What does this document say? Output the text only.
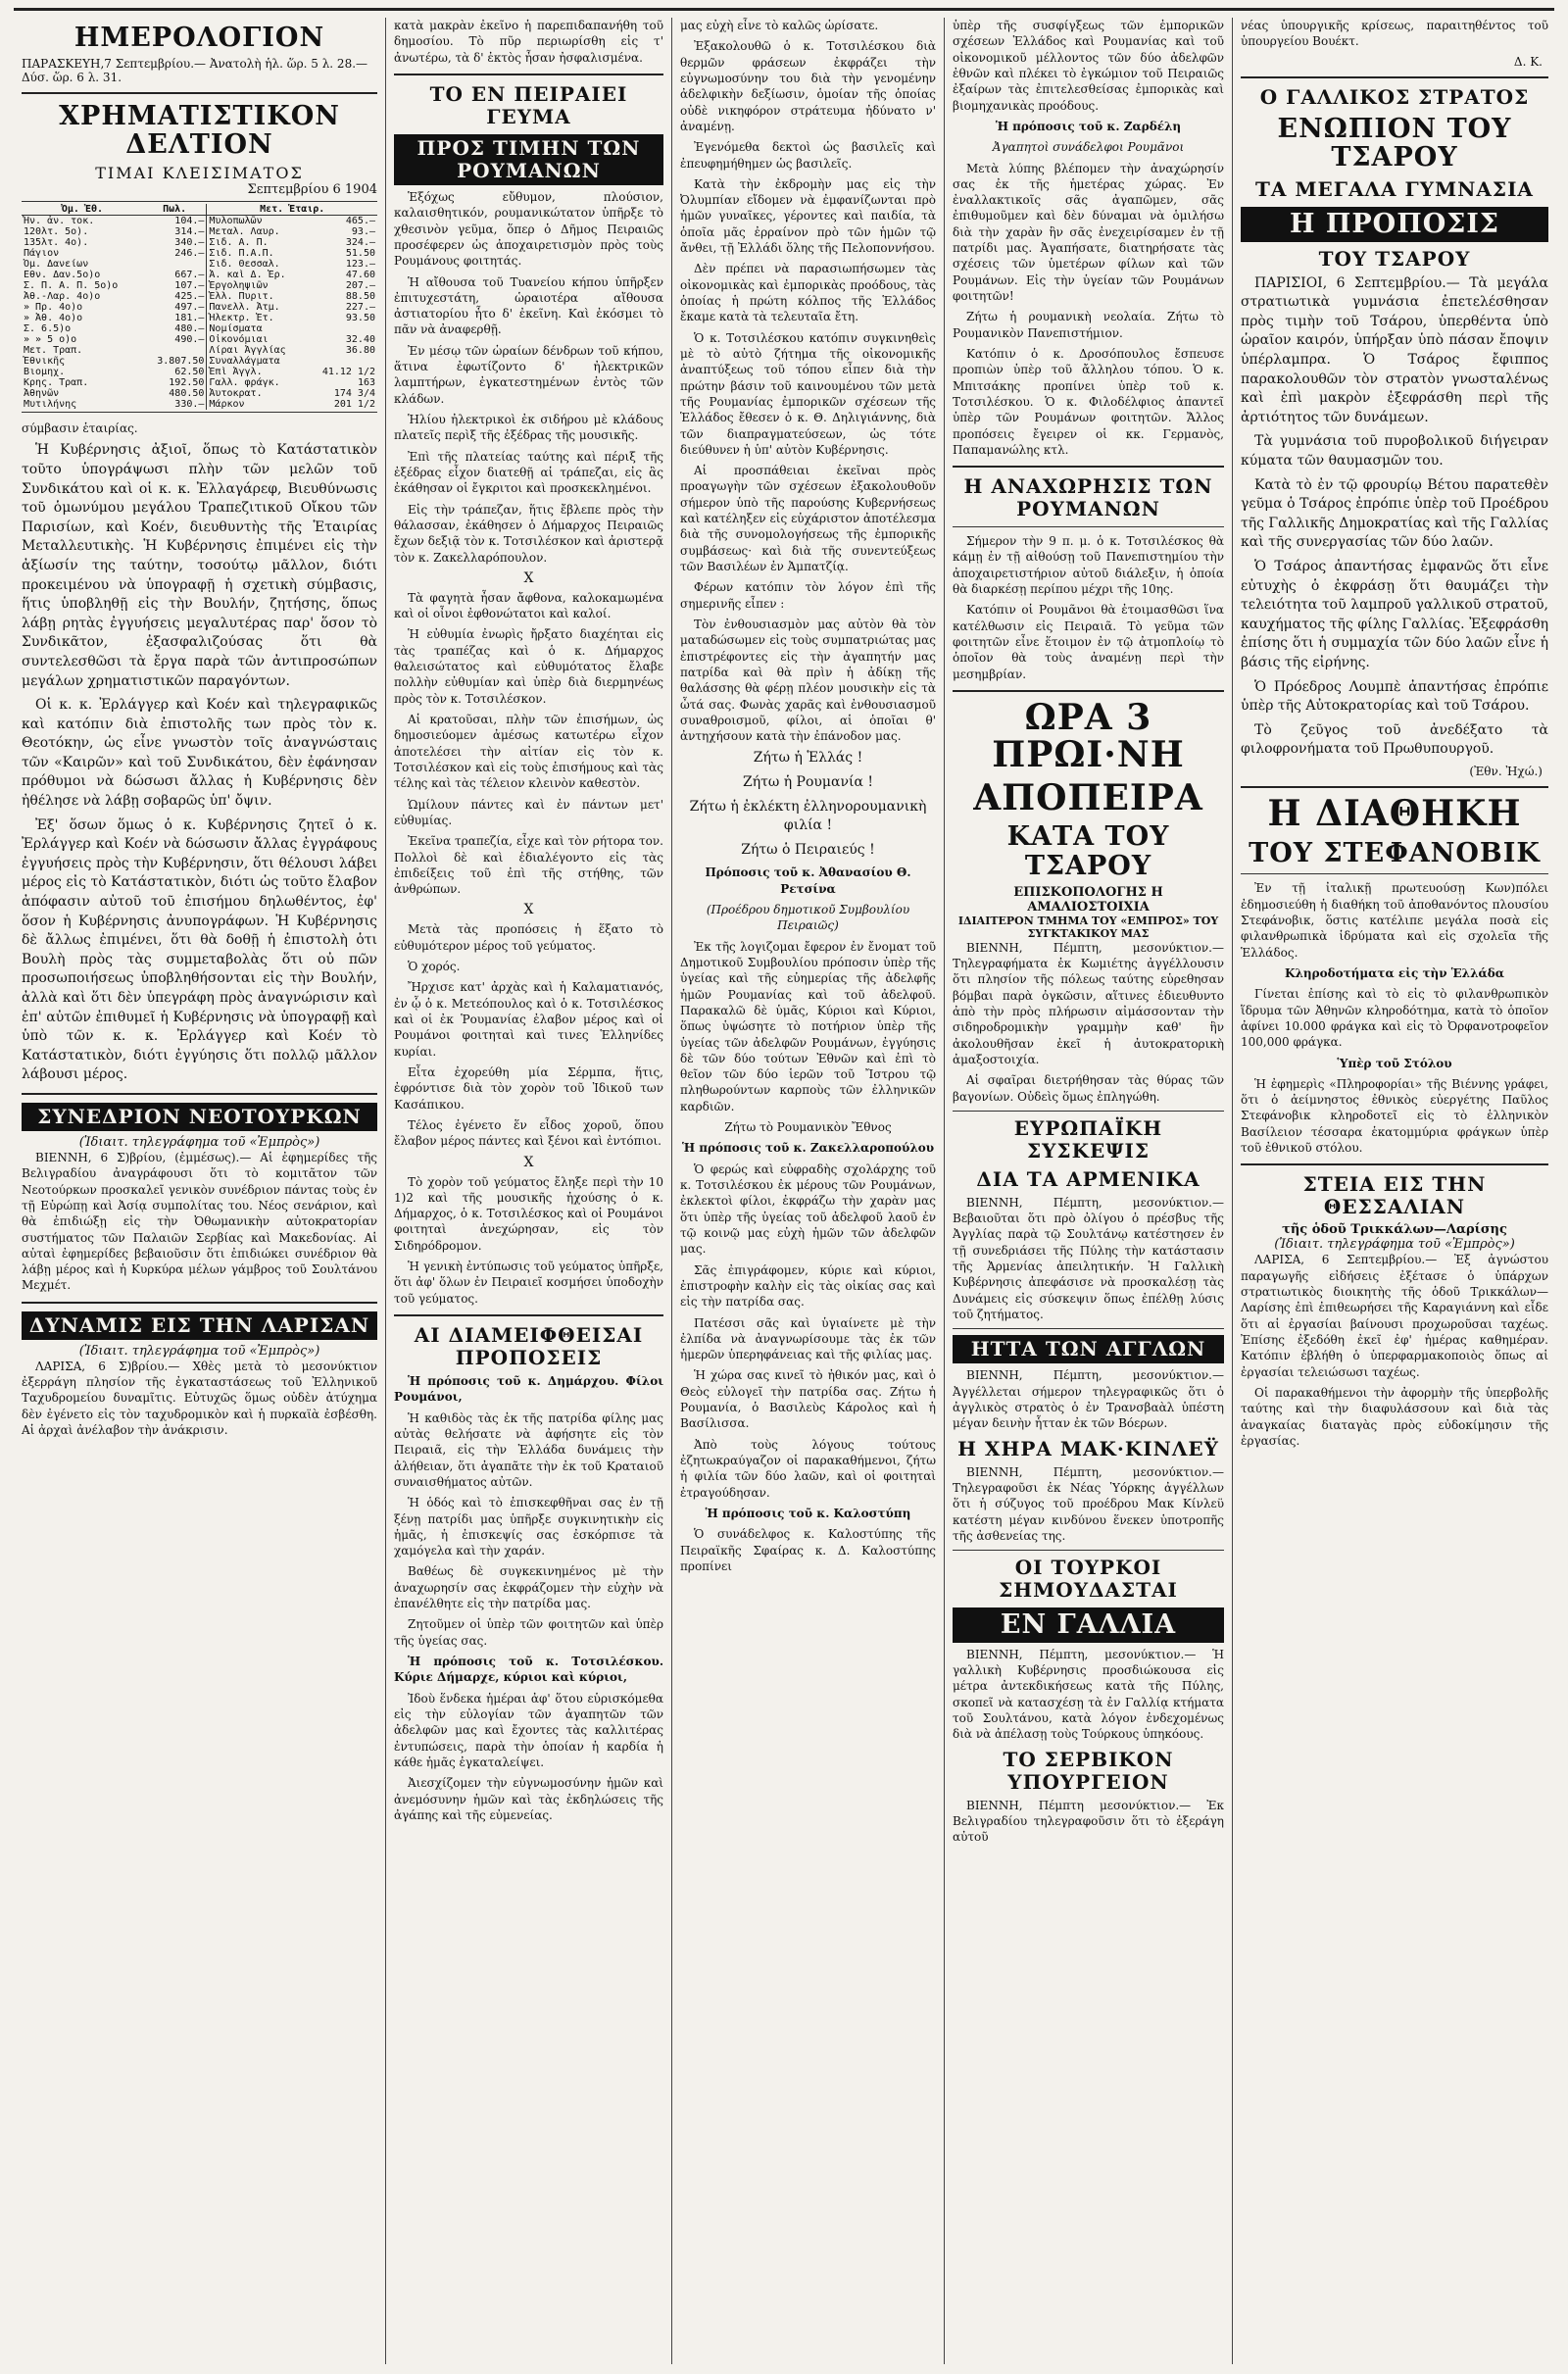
ΗΜΕΡΟΛΟΓΙΟΝ
ΠΑΡΑΣΚΕΥΗ,7 Σεπτεμβρίου.— Ἀνατολὴ ἡλ. ὥρ. 5 λ. 28.—Δύσ. ὥρ. 6 λ. 31.
ΧΡΗΜΑΤΙΣΤΙΚΟΝ ΔΕΛΤΙΟΝ
ΤΙΜΑΙ ΚΛΕΙΣΙΜΑΤΟΣ
Σεπτεμβρίου 6 1904
Ὀμ. Ἐθ.	Πωλ.	Μετ. Ἑταιρ.	
Ἡν. ἀν. τοκ.	104.—	Μυλοπωλῶν	465.—
120λτ. 5ο).	314.—	Μεταλ. Λαυρ.	93.—
135λτ. 4ο).	340.—	Σιδ. Α. Π.	324.—
Πάγιον	246.—	Σιδ. Π.Α.Π.	51.50
Ὀμ. Δανείων		Σιδ. Θεσσαλ.	123.—
Εθν. Δαν.5ο)ο	667.—	Ἀ. καὶ Δ. Ἐρ.	47.60
Σ. Π. Α. Π. 5ο)ο	107.—	Ἐργοληψιῶν	207.—
Ἀθ.-Λαρ. 4ο)ο	425.—	Ἐλλ. Πυριτ.	88.50
» Πρ. 4ο)ο	497.—	Πανελλ. Ἀτμ.	227.—
» Ἀθ. 4ο)ο	181.—	Ἠλεκτρ. Ἑτ.	93.50
Σ. 6.5)ο	480.—	Νομίσματα	
» » 5 ο)ο	490.—	Οἰκονόμιαι	32.40
Μετ. Τραπ.		Λίραι Ἀγγλίας	36.80
Ἐθνικῆς	3.807.50	Συναλλάγματα	
Βιομηχ.	62.50	Ἐπὶ Ἀγγλ.	41.12 1/2
Κρης. Τραπ.	192.50	Γαλλ. φράγκ.	163
Ἀθηνῶν	480.50	Ἀυτοκρατ.	174 3/4
Μυτιλήνης	330.—	Μάρκον	201 1/2

σύμβασιν ἑταιρίας.

Ἡ Κυβέρνησις ἀξιοῖ, ὅπως τὸ Κατάστατικὸν τοῦτο ὑπογράψωσι πλὴν τῶν μελῶν τοῦ Συνδικάτου καὶ οἱ κ. κ. Ἐλλαγάρεφ, Βιευθύνωσις τοῦ ὁμωνύμου μεγάλου Τραπεζιτικοῦ Οἴκου τῶν Παρισίων, καὶ Κοέν, διευθυντὴς τῆς Ἑταιρίας Μεταλλευτικὴς. Ἡ Κυβέρνησις ἐπιμένει εἰς τὴν ἀξίωσίν της ταύτην, τοσούτῳ μᾶλλον, διότι προκειμένου νὰ ὑπογραφῇ ἡ σχετικὴ σύμβασις, ἥτις ὑποβληθῇ εἰς τὴν Βουλήν, ζητήσης, ὅπως λάβῃ ρητὰς ἐγγυήσεις μεγαλυτέρας παρ' ὅσον τὸ Συνδικᾶτον, ἐξασφαλιζούσας ὅτι θὰ συντελεσθῶσι τὰ ἔργα παρὰ τῶν ἀντιπροσώπων μεγάλων χρηματιστικῶν παραγόντων.

Οἱ κ. κ. Ἐρλάγγερ καὶ Κοέν καὶ τηλεγραφικῶς καὶ κατόπιν διὰ ἐπιστολῆς των πρὸς τὸν κ. Θεοτόκην, ὡς εἶνε γνωστὸν τοῖς ἀναγνώσταις τῶν «Καιρῶν» καὶ τοῦ Συνδικάτου, δὲν ἐφάνησαν πρόθυμοι νὰ δώσωσι ἄλλας ἡ Κυβέρνησις δὲν ἠθέλησε νὰ λάβῃ σοβαρῶς ὑπ' ὄψιν.

Ἐξ' ὅσων ὅμως ὁ κ. Κυβέρνησις ζητεῖ ὁ κ. Ἐρλάγγερ καὶ Κοέν νὰ δώσωσιν ἄλλας ἐγγράφους ἐγγυήσεις πρὸς τὴν Κυβέρνησιν, ὅτι θέλουσι λάβει μέρος εἰς τὸ Κατάστατικὸν, διότι ὡς τοῦτο ἔλαβον ἀπόφασιν αὐτοῦ τοῦ ἐπισήμου δηλωθέντος, ἐφ' ὅσον ἡ Κυβέρνησις ἀνυπογράφων. Ἡ Κυβέρνησις δὲ ἄλλως ἐπιμένει, ὅτι θὰ δοθῇ ἡ ἐπιστολὴ ὁτι Βουλὴ πρὸς τὰς συμμεταβολὰς ὅτι οὐ πῶν προσωποιήσεως ὑποβληθήσονται εἰς τὴν Βουλήν, ἀλλὰ καὶ ὅτι δὲν ὑπεγράφη πρὸς ἀναγνώρισιν καὶ ἐπ' αὐτῶν ἐπιθυμεῖ ἡ Κυβέρνησις νὰ ὑπογραφῇ καὶ ὑπὸ τῶν κ. κ. Ἐρλάγγερ καὶ Κοέν τὸ Κατάστατικὸν, διότι ἐγγύησις ὅτι πολλῷ μᾶλλον λάβουσι μέρος.

ΣΥΝΕΔΡΙΟΝ ΝΕΟΤΟΥΡΚΩΝ
(Ἰδιαιτ. τηλεγράφημα τοῦ «Ἐμπρὸς»)

ΒΙΕΝΝΗ, 6 Σ)βρίου, (ἐμμέσως).— Αἱ ἐφημερίδες τῆς Βελιγραδίου ἀναγράφουσι ὅτι τὸ κομιτᾶτον τῶν Νεοτούρκων προσκαλεῖ γενικὸν συνέδριον πάντας τοὺς ἐν τῇ Εὐρώπῃ καὶ Ἀσίᾳ συμπολίτας του. Νέος σενάριον, καὶ θὰ ἐπιδιώξῃ εἰς τὴν Ὀθωμανικὴν αὐτοκρατορίαν συστήματος τῶν Παλαιῶν Σερβίας καὶ Μακεδονίας. Αἱ αὐταὶ ἐφημερίδες βεβαιοῦσιν ὅτι ἐπιδιώκει συνέδριον θὰ λάβῃ μέρος καὶ ἡ Κυρκύρα μέλων γάμβρος τοῦ Σουλτάνου Μεχμέτ.

ΔΥΝΑΜΙΣ ΕΙΣ ΤΗΝ ΛΑΡΙΣΑΝ
(Ἰδιαιτ. τηλεγράφημα τοῦ «Ἐμπρὸς»)

ΛΑΡΙΣΑ, 6 Σ)βρίου.— Χθὲς μετὰ τὸ μεσονύκτιον ἐξερράγη πλησίον τῆς ἐγκαταστάσεως τοῦ Ἐλληνικοῦ Ταχυδρομείου δυναμῖτις. Εὐτυχῶς ὅμως οὐδὲν ἀτύχημα δὲν ἐγένετο εἰς τὸν ταχυδρομικὸν καὶ ἡ πυρκαϊὰ ἐσβέσθη. Αἱ ἀρχαὶ ἀνέλαβον τὴν ἀνάκρισιν.

κατὰ μακρὰν ἐκεῖνο ἡ παρεπιδαπανήθη τοῦ δημοσίου. Τὸ πῦρ περιωρίσθη εἰς τ' ἀνωτέρω, τὰ δ' ἐκτὸς ἦσαν ἠσφαλισμένα.

ΤΟ ΕΝ ΠΕΙΡΑΙΕΙ ΓΕΥΜΑ
ΠΡΟΣ ΤΙΜΗΝ ΤΩΝ ΡΟΥΜΑΝΩΝ

Ἑξόχως εὔθυμον, πλούσιον, καλαισθητικόν, ρουμανικώτατον ὑπῆρξε τὸ χθεσινὸν γεῦμα, ὅπερ ὁ Δῆμος Πειραιῶς προσέφερεν ὡς ἀποχαιρετισμὸν πρὸς τοὺς Ρουμάνους φοιτητάς.

Ἡ αἴθουσα τοῦ Τυανείου κήπου ὑπῆρξεν ἐπιτυχεστάτη, ὡραιοτέρα αἴθουσα ἀστιατορίου ἧτο δ' ἐκεῖνη. Καὶ ἐκόσμει τὸ πᾶν νὰ ἀναφερθῇ.

Ἐν μέσῳ τῶν ὡραίων δένδρων τοῦ κήπου, ἅτινα ἐφωτίζοντο δ' ἠλεκτρικῶν λαμπτήρων, ἐγκατεστημένων ἐντὸς τῶν κλάδων.

Ἡλίου ἠλεκτρικοὶ ἐκ σιδήρου μὲ κλάδους πλατεῖς περὶξ τῆς ἐξέδρας τῆς μουσικῆς.

Ἐπὶ τῆς πλατείας ταύτης καὶ πέριξ τῆς ἐξέδρας εἶχον διατεθῇ αἱ τράπεζαι, εἰς ἃς ἐκάθησαν οἱ ἔγκριτοι καὶ προσκεκλημένοι.

Εἰς τὴν τράπεζαν, ἥτις ἔβλεπε πρὸς τὴν θάλασσαν, ἐκάθησεν ὁ Δήμαρχος Πειραιῶς ἔχων δεξιᾷ τὸν κ. Τοτσιλέσκον καὶ ἀριστερᾷ τὸν κ. Ζακελλαρόπουλον.

Χ

Τὰ φαγητὰ ἦσαν ἄφθονα, καλοκαμωμένα καὶ οἱ οἶνοι ἐφθονώτατοι καὶ καλοί.

Ἡ εὐθυμία ἐνωρὶς ἤρξατο διαχέηται εἰς τὰς τραπέζας καὶ ὁ κ. Δήμαρχος θαλεισώτατος καὶ εὐθυμότατος ἔλαβε πολλὴν εὐθυμίαν καὶ ὑπὲρ διὰ διερμηνέως πρὸς τὸν κ. Τοτσιλέσκον.

Αἱ κρατοῦσαι, πλὴν τῶν ἐπισήμων, ὡς δημοσιεύομεν ἀμέσως κατωτέρω εἶχον ἀποτελέσει τὴν αἰτίαν εἰς τὸν κ. Τοτσιλέσκον καὶ εἰς τοὺς ἐπισήμους καὶ τὰς τέλης καὶ τὰς τέλειον κλεινὸν καθεστὸν.

Ὡμίλουν πάντες καὶ ἐν πάντων μετ' εὐθυμίας.

Ἐκεῖνα τραπεζία, εἶχε καὶ τὸν ρήτορα τον. Πολλοὶ δὲ καὶ ἐδιαλέγοντο εἰς τὰς ἐπιδείξεις τοῦ ἐπὶ τῆς στήθης, τῶν ἀνθρώπων.

Χ

Μετὰ τὰς προπόσεις ἡ ἕξατο τὸ εὐθυμότερον μέρος τοῦ γεύματος.

Ὁ χορός.

Ἤρχισε κατ' ἀρχὰς καὶ ἡ Καλαματιανός, ἐν ᾧ ὁ κ. Μετεόπουλος καὶ ὁ κ. Τοτσιλέσκος καὶ οἱ ἐκ Ῥουμανίας ἐλαβον μέρος καὶ οἱ Ρουμάνοι φοιτηταὶ καὶ τινες Ἑλληνίδες κυρίαι.

Εἶτα ἐχορεύθη μία Σέρμπα, ἥτις, ἐφρόντισε διὰ τὸν χορὸν τοῦ Ἰδικοῦ των Κασάπικου.

Τέλος ἐγένετο ἕν εἶδος χοροῦ, ὅπου ἔλαβον μέρος πάντες καὶ ξένοι καὶ ἐντόπιοι.

Χ

Τὸ χορὸν τοῦ γεύματος ἔληξε περὶ τὴν 10 1)2 καὶ τῆς μουσικῆς ἠχούσης ὁ κ. Δήμαρχος, ὁ κ. Τοτσιλέσκος καὶ οἱ Ρουμάνοι φοιτηταὶ ἀνεχώρησαν, εἰς τὸν Σιδηρόδρομον.

Ἡ γενικὴ ἐντύπωσις τοῦ γεύματος ὑπῆρξε, ὅτι ἀφ' ὅλων ἐν Πειραιεῖ κοσμήσει ὑποδοχὴν τοῦ γεύματος.

ΑΙ ΔΙΑΜΕΙΦΘΕΙΣΑΙ ΠΡΟΠΟΣΕΙΣ

Ἡ πρόποσις τοῦ κ. Δημάρχου. Φίλοι Ρουμάνοι,

Ἡ καθιδὸς τὰς ἐκ τῆς πατρίδα φίλης μας αὐτὰς θελήσατε νὰ ἀφήσητε εἰς τὸν Πειραιᾶ, εἰς τὴν Ἑλλάδα δυνάμεις τὴν ἀλήθειαν, ὅτι ἀγαπᾶτε τὴν ἐκ τοῦ Κραταιοῦ συναισθήματος αὐτῶν.

Ἡ ὁδός καὶ τὸ ἐπισκεφθῆναι σας ἐν τῇ ξένῃ πατρίδι μας ὑπῆρξε συγκινητικὴν εἰς ἡμᾶς, ἡ ἐπισκεψίς σας ἐσκόρπισε τὰ χαμόγελα καὶ τὴν χαράν.

Βαθέως δὲ συγκεκινημένος μὲ τὴν ἀναχωρησίν σας ἐκφράζομεν τὴν εὐχὴν νὰ ἐπανέλθητε εἰς τὴν πατρίδα μας.

Ζητοῦμεν οἱ ὑπὲρ τῶν φοιτητῶν καὶ ὑπὲρ τῆς ὑγείας σας.

Ἡ πρόποσις τοῦ κ. Τοτσιλέσκου. Κύριε Δήμαρχε, κύριοι καὶ κύριοι,

Ἰδοὺ ἕνδεκα ἡμέραι ἀφ' ὅτου εὑρισκόμεθα εἰς τὴν εὐλογίαν τῶν ἀγαπητῶν τῶν ἀδελφῶν μας καὶ ἔχοντες τὰς καλλιτέρας ἐντυπώσεις, παρὰ τὴν ὁποίαν ἡ καρδία ἡ κάθε ἡμᾶς ἐγκαταλείψει.

Ἀιεσχίζομεν τὴν εὐγνωμοσύνην ἡμῶν καὶ ἀνεμόσυνην ἡμῶν καὶ τὰς ἐκδηλώσεις τῆς ἀγάπης καὶ τῆς εὐμενείας.

μας εὐχὴ εἶνε τὸ καλῶς ὡρίσατε.

Ἐξακολουθῶ ὁ κ. Τοτσιλέσκου διὰ θερμῶν φράσεων ἐκφράζει τὴν εὐγνωμοσύνην του διὰ τὴν γενομένην ἀδελφικὴν δεξίωσιν, ὁμοίαν τῆς ὁποίας οὐδὲ νικηφόρον στράτευμα ἠδύνατο ν' ἀναμένῃ.

Ἐγενόμεθα δεκτοὶ ὡς βασιλεῖς καὶ ἐπευφημήθημεν ὡς βασιλεῖς.

Κατὰ τὴν ἐκδρομὴν μας εἰς τὴν Ὀλυμπίαν εἴδομεν νὰ ἐμφανίζωνται πρὸ ἡμῶν γυναῖκες, γέροντες καὶ παιδία, τὰ ὁποῖα μᾶς ἐρραίνον πρὸ τῶν ἡμῶν τῷ ἄνθει, τῇ Ἐλλάδι ὅλης τῆς Πελοποννήσου.

Δὲν πρέπει νὰ παρασιωπήσωμεν τὰς οἰκονομικὰς καὶ ἐμπορικὰς προόδους, τὰς ὁποίας ἡ πρώτη κόλπος τῆς Ἑλλάδος ἔκαμε κατὰ τὰ τελευταῖα ἔτη.

Ὁ κ. Τοτσιλέσκου κατόπιν συγκινηθεὶς μὲ τὸ αὐτὸ ζήτημα τῆς οἰκονομικῆς ἀναπτύξεως τοῦ τόπου εἶπεν διὰ τὴν πρώτην βάσιν τοῦ καινουμένου τῶν μετὰ τῆς Ρουμανίας ἐμπορικῶν σχέσεων τῆς Ἑλλάδος ἔθεσεν ὁ κ. Θ. Δηλιγιάννης, διὰ τῶν διαπραγματεύσεων, ὡς τότε διεύθυνεν ἡ ὑπ' αὐτὸν Κυβέρνησις.

Αἱ προσπάθειαι ἐκεῖναι πρὸς προαγωγὴν τῶν σχέσεων ἐξακολουθοῦν σήμερον ὑπὸ τῆς παρούσης Κυβερνήσεως καὶ κατέληξεν εἰς εὐχάριστον ἀποτέλεσμα διὰ τῆς συνομολογήσεως τῆς ἐμπορικῆς συμβάσεως· καὶ διὰ τῆς συνεντεύξεως τῶν Βασιλέων ἐν Ἀμπατζίᾳ.

Φέρων κατόπιν τὸν λόγον ἐπὶ τῆς σημερινῆς εἶπεν :

Τὸν ἐνθουσιασμὸν μας αὐτὸν θὰ τὸν ματαδώσωμεν εἰς τοὺς συμπατριώτας μας ἐπιστρέφοντες εἰς τὴν ἀγαπητήν μας πατρίδα καὶ θὰ πρὶν ἡ ἀδίκῃ τῆς θαλάσσης θὰ φέρῃ πλέον μουσικὴν εἰς τὰ ὦτά σας. Φωνὰς χαρᾶς καὶ ἐνθουσιασμοῦ συναθροισμοῦ, φίλοι, αἱ ὁποῖαι θ' ἀντηχήσουν κατὰ τὴν ἐπάνοδον μας.

Ζήτω ἡ Ἑλλάς !

Ζήτω ἡ Ρουμανία !

Ζήτω ἡ ἐκλέκτη ἐλληνορουμανικὴ φιλία !

Ζήτω ὁ Πειραιεύς !

Πρόποσις τοῦ κ. Ἀθανασίου Θ. Ρετσίνα

(Προέδρου δημοτικοῦ Συμβουλίου Πειραιῶς)

Ἐκ τῆς λογιζομαι ἔφερον ἐν ἔνοματ τοῦ Δημοτικοῦ Συμβουλίου πρόποσιν ὑπὲρ τῆς ὑγείας καὶ τῆς εὐημερίας τῆς ἀδελφῆς ἡμῶν Ρουμανίας καὶ τοῦ ἀδελφοῦ. Παρακαλῶ δὲ ὑμᾶς, Κύριοι καὶ Κύριοι, ὅπως ὑψώσητε τὸ ποτήριον ὑπὲρ τῆς ὑγείας τῶν ἀδελφῶν Ρουμάνων, ἐγγύησις δὲ τῶν δύο τούτων Ἐθνῶν καὶ ἐπὶ τὸ θεῖον τῶν δύο ἱερῶν τοῦ Ἴστρου τῷ πληθωρούντων καρποὺς τῶν ἐλληνικῶν καρδιῶν.

Ζήτω τὸ Ρουμανικὸν Ἔθνος

Ἡ πρόποσις τοῦ κ. Ζακελλαροπούλου

Ὁ φερώς καὶ εὐφραδὴς σχολάρχης τοῦ κ. Τοτσιλέσκου ἐκ μέρους τῶν Ρουμάνων, ἐκλεκτοὶ φίλοι, ἐκφράζω τὴν χαρὰν μας ὅτι ὑπὲρ τῆς ὑγείας τοῦ ἀδελφοῦ λαοῦ ἐν τῷ κοινῷ μας εὐχὴ ἡμῶν τῶν ἀδελφῶν μας.

Σᾶς ἐπιγράφομεν, κύριε καὶ κύριοι, ἐπιστροφὴν καλὴν εἰς τὰς οἰκίας σας καὶ εἰς τὴν πατρίδα σας.

Πατέσσι σᾶς καὶ ὑγιαίνετε μὲ τὴν ἐλπίδα νὰ ἀναγνωρίσουμε τὰς ἐκ τῶν ἡμερῶν ὑπερηφάνειας καὶ τῆς φιλίας μας.

Ἡ χώρα σας κινεῖ τὸ ἠθικόν μας, καὶ ὁ Θεὸς εὐλογεῖ τὴν πατρίδα σας. Ζήτω ἡ Ρουμανία, ὁ Βασιλεὺς Κάρολος καὶ ἡ Βασίλισσα.

Ἀπὸ τοὺς λόγους τούτους ἐζητωκραύγαζον οἱ παρακαθήμενοι, ζήτω ἡ φιλία τῶν δύο λαῶν, καὶ οἱ φοιτηταὶ ἐτραγούδησαν.

Ἡ πρόποσις τοῦ κ. Καλοστύπη

Ὁ συνάδελφος κ. Καλοστύπης τῆς Πειραϊκῆς Σφαίρας κ. Δ. Καλοστύπης προπίνει

ὑπὲρ τῆς συσφίγξεως τῶν ἐμπορικῶν σχέσεων Ἑλλάδος καὶ Ρουμανίας καὶ τοῦ οἰκονομικοῦ μέλλοντος τῶν δύο ἀδελφῶν ἐθνῶν καὶ πλέκει τὸ ἐγκώμιον τοῦ Πειραιῶς ἐξαίρων τὰς ἐπιτελεσθείσας ἐμπορικὰς καὶ βιομηχανικὰς προόδους.

Ἡ πρόποσις τοῦ κ. Ζαρδέλη

Ἀγαπητοὶ συνάδελφοι Ρουμᾶνοι

Μετὰ λύπης βλέπομεν τὴν ἀναχώρησίν σας ἐκ τῆς ἡμετέρας χώρας. Ἐν ἐναλλακτικοῖς σᾶς ἀγαπῶμεν, σᾶς ἐπιθυμοῦμεν καὶ δὲν δύναμαι νὰ ὁμιλήσω διὰ τὴν χαρὰν ἣν σᾶς ἐνεχειρίσαμεν ἐν τῇ πατρίδι μας. Ἀγαπήσατε, διατηρήσατε τὰς σχέσεις τῶν ὑμετέρων φίλων καὶ τῶν Ρουμάνων. Εἰς τὴν ὑγείαν τῶν Ρουμάνων φοιτητῶν!

Ζήτω ἡ ρουμανικὴ νεολαία. Ζήτω τὸ Ρουμανικὸν Πανεπιστήμιον.

Κατόπιν ὁ κ. Δροσόπουλος ἔσπευσε προπιὼν ὑπὲρ τοῦ ἄλληλου τόπου. Ὁ κ. Μπιτσάκης προπίνει ὑπὲρ τοῦ κ. Τοτσιλέσκου. Ὁ κ. Φιλοδέλφιος ἀπαντεῖ ὑπὲρ τῶν Ρουμάνων φοιτητῶν. Ἄλλος προπόσεις ἔγειρεν οἱ κκ. Γερμανὸς, Παπαμανώλης κτλ.

Η ΑΝΑΧΩΡΗΣΙΣ ΤΩΝ ΡΟΥΜΑΝΩΝ

Σήμερον τὴν 9 π. μ. ὁ κ. Τοτσιλέσκος θὰ κάμῃ ἐν τῇ αἰθούσῃ τοῦ Πανεπιστημίου τὴν ἀποχαιρετιστήριον αὐτοῦ διάλεξιν, ἡ ὁποία θὰ διαρκέσῃ περίπου μέχρι τῆς 10ης.

Κατόπιν οἱ Ρουμᾶνοι θὰ ἐτοιμασθῶσι ἵνα κατέλθωσιν εἰς Πειραιᾶ. Τὸ γεῦμα τῶν φοιτητῶν εἶνε ἕτοιμον ἐν τῷ ἀτμοπλοίῳ τὸ ὁποῖον θὰ τοὺς ἀναμένῃ περὶ τὴν μεσημβρίαν.

ΩΡΑ 3 ΠΡΩΙ·ΝΗ
ΑΠΟΠΕΙΡΑ
ΚΑΤΑ ΤΟΥ ΤΣΑΡΟΥ
ΕΠΙΣΚΟΠΟΛΟΓΗΣ Η ΑΜΑΛΙΟΣΤΟΙΧΙΑ
ΙΔΙΑΙΤΕΡΟΝ ΤΜΗΜΑ ΤΟΥ «ΕΜΠΡΟΣ» ΤΟΥ ΣΥΓΚΤΑΚΙΚΟΥ ΜΑΣ

ΒΙΕΝΝΗ, Πέμπτη, μεσονύκτιον.— Τηλεγραφήματα ἐκ Κωμιέτης ἀγγέλλουσιν ὅτι πλησίον τῆς πόλεως ταύτης εὑρεθησαν βόμβαι παρὰ ὀγκῶσιν, αἵτινες ἐδιευθυντο ἀπὸ τὴν πρὸς πλήρωσιν αἰμάσσονταν τὴν σιδηροδρομικὴν γραμμὴν καθ' ἣν ἀκολουθῆσαν ἐκεῖ ἡ ἀυτοκρατορικὴ ἀμαξοστοιχία.

Αἱ σφαῖραι διετρήθησαν τὰς θύρας τῶν βαγονίων. Οὐδεὶς ὅμως ἐπληγώθη.

ΕΥΡΩΠΑΪΚΗ ΣΥΣΚΕΨΙΣ
ΔΙΑ ΤΑ ΑΡΜΕΝΙΚΑ

ΒΙΕΝΝΗ, Πέμπτη, μεσονύκτιον.— Βεβαιοῦται ὅτι πρὸ ὀλίγου ὁ πρέσβυς τῆς Ἀγγλίας παρὰ τῷ Σουλτάνῳ κατέστησεν ἐν τῇ συνεδριάσει τῆς Πύλης τὴν κατάστασιν τῆς Ἀρμενίας ἀπειλητικήν. Ἡ Γαλλικὴ Κυβέρνησις ἀπεφάσισε νὰ προσκαλέσῃ τὰς Δυνάμεις εἰς σύσκεψιν ὅπως ἐπέλθῃ λύσις τοῦ ζητήματος.

ΗΤΤΑ ΤΩΝ ΑΓΓΛΩΝ

ΒΙΕΝΝΗ, Πέμπτη, μεσονύκτιον.— Ἀγγέλλεται σήμερον τηλεγραφικῶς ὅτι ὁ ἀγγλικὸς στρατὸς ὁ ἐν Τρανσβαὰλ ὑπέστη μέγαν δεινὴν ἧτταν ἐκ τῶν Βόερων.

Η ΧΗΡΑ ΜΑΚ·ΚΙΝΛΕΫ

ΒΙΕΝΝΗ, Πέμπτη, μεσονύκτιον.— Τηλεγραφοῦσι ἐκ Νέας Ὑόρκης ἀγγέλλων ὅτι ἡ σύζυγος τοῦ προέδρου Μακ Κίνλεϋ κατέστη μέγαν κινδύνου ἕνεκεν ὑποτροπῆς τῆς ἀσθενείας της.

ΟΙ ΤΟΥΡΚΟΙ ΣΗΜΟΥΔΑΣΤΑΙ
ΕΝ ΓΑΛΛΙΑ

ΒΙΕΝΝΗ, Πέμπτη, μεσονύκτιον.— Ἡ γαλλικὴ Κυβέρνησις προσδιώκουσα εἰς μέτρα ἀντεκδικήσεως κατὰ τῆς Πύλης, σκοπεῖ νὰ κατασχέσῃ τὰ ἐν Γαλλίᾳ κτήματα τοῦ Σουλτάνου, κατὰ λόγον ἐνδεχομένως διὰ νὰ ἀπέλασῃ τοὺς Τούρκους ὑπηκόους.

ΤΟ ΣΕΡΒΙΚΟΝ ΥΠΟΥΡΓΕΙΟΝ

ΒΙΕΝΝΗ, Πέμπτη μεσονύκτιον.— Ἐκ Βελιγραδίου τηλεγραφοῦσιν ὅτι τὸ ἐξεράγη αὐτοῦ

νέας ὑπουργικῆς κρίσεως, παραιτηθέντος τοῦ ὑπουργείου Βουέκτ.

Δ. Κ.
Ο ΓΑΛΛΙΚΟΣ ΣΤΡΑΤΟΣ
ΕΝΩΠΙΟΝ ΤΟΥ ΤΣΑΡΟΥ
ΤΑ ΜΕΓΑΛΑ ΓΥΜΝΑΣΙΑ
Η ΠΡΟΠΟΣΙΣ
ΤΟΥ ΤΣΑΡΟΥ

ΠΑΡΙΣΙΟΙ, 6 Σεπτεμβρίου.— Τὰ μεγάλα στρατιωτικὰ γυμνάσια ἐπετελέσθησαν πρὸς τιμὴν τοῦ Τσάρου, ὑπερθέντα ὑπὸ ὡραῖον καιρόν, ὑπήρξαν ὑπὸ πάσαν ἔποψιν ὑπέρλαμπρα. Ὁ Τσάρος ἔφιππος παρακολουθῶν τὸν στρατὸν γνωσταλένως καὶ ἐπὶ μακρὸν ἐξεφράσθη περὶ τῆς ἀρτιότητος τῶν δυνάμεων.

Τὰ γυμνάσια τοῦ πυροβολικοῦ διήγειραν κύματα τῶν θαυμασμῶν του.

Κατὰ τὸ ἐν τῷ φρουρίῳ Βέτου παρατεθὲν γεῦμα ὁ Τσάρος ἐπρόπιε ὑπὲρ τοῦ Προέδρου τῆς Γαλλικῆς Δημοκρατίας καὶ τῆς Γαλλίας καὶ τῆς συνεργασίας τῶν δύο λαῶν.

Ὁ Τσάρος ἀπαντήσας ἐμφανῶς ὅτι εἶνε εὐτυχὴς ὁ ἐκφράσῃ ὅτι θαυμάζει τὴν τελειότητα τοῦ λαμπροῦ γαλλικοῦ στρατοῦ, καυχήματος τῆς φίλης Γαλλίας. Ἐξεφράσθη ἐπίσης ὅτι ἡ συμμαχία τῶν δύο λαῶν εἶνε ἡ βάσις τῆς εἰρήνης.

Ὁ Πρόεδρος Λουμπὲ ἀπαντήσας ἐπρόπιε ὑπὲρ τῆς Αὐτοκρατορίας καὶ τοῦ Τσάρου.

Τὸ ζεῦγος τοῦ ἀνεδέξατο τὰ φιλοφρονήματα τοῦ Πρωθυπουργοῦ.

(Ἐθν. Ἠχώ.)
Η ΔΙΑΘΗΚΗ
ΤΟΥ ΣΤΕΦΑΝΟΒΙΚ

Ἐν τῇ ἰταλικῇ πρωτευούσῃ Κων)πόλει ἐδημοσιεύθη ἡ διαθήκη τοῦ ἀποθανόντος πλουσίου Στεφάνοβικ, ὅστις κατέλιπε μεγάλα ποσὰ εἰς φιλανθρωπικὰ ἱδρύματα καὶ εἰς σχολεῖα τῆς Ἑλλάδος.

Κληροδοτήματα εἰς τὴν Ἑλλάδα

Γίνεται ἐπίσης καὶ τὸ εἰς τὸ φιλανθρωπικὸν ἵδρυμα τῶν Ἀθηνῶν κληροδότημα, κατὰ τὸ ὁποῖον ἀφίνει 10.000 φράγκα καὶ εἰς τὸ Ὀρφανοτροφεῖον 100,000 φράγκα.

Ὑπὲρ τοῦ Στόλου

Ἡ ἐφημερὶς «Πληροφορίαι» τῆς Βιέννης γράφει, ὅτι ὁ ἀείμνηστος ἐθνικὸς εὐεργέτης Παῦλος Στεφάνοβικ κληροδοτεῖ εἰς τὸ ἑλληνικὸν Βασίλειον τέσσαρα ἑκατομμύρια φράγκων ὑπὲρ τοῦ ἐθνικοῦ στόλου.

ΣΤΕΙΑ ΕΙΣ ΤΗΝ ΘΕΣΣΑΛΙΑΝ
τῆς ὁδοῦ Τρικκάλων—Λαρίσης
(Ἰδιαιτ. τηλεγράφημα τοῦ «Ἐμπρὸς»)

ΛΑΡΙΣΑ, 6 Σεπτεμβρίου.— Ἐξ ἀγνώστου παραγωγῆς εἰδήσεις ἐξέτασε ὁ ὑπάρχων στρατιωτικὸς διοικητὴς τῆς ὁδοῦ Τρικκάλων—Λαρίσης ἐπὶ ἐπιθεωρήσει τῆς Καραγιάννη καὶ εἶδε ὅτι αἱ ἐργασίαι βαίνουσι προχωροῦσαι ταχέως. Ἐπίσης ἐξεδόθη ἐκεῖ ἐφ' ἡμέρας καθημέραν. Κατόπιν ἐβλήθη ὁ ὑπερφαρμακοποιὸς ὅπως αἱ ἐργασίαι τελειώσωσι ταχέως.

Οἱ παρακαθήμενοι τὴν ἀφορμὴν τῆς ὑπερβολῆς ταύτης καὶ τὴν διαφυλάσσουν καὶ διὰ τὰς ἀναγκαίας διαταγὰς πρὸς εὐδοκίμησιν τῆς ἐργασίας.
